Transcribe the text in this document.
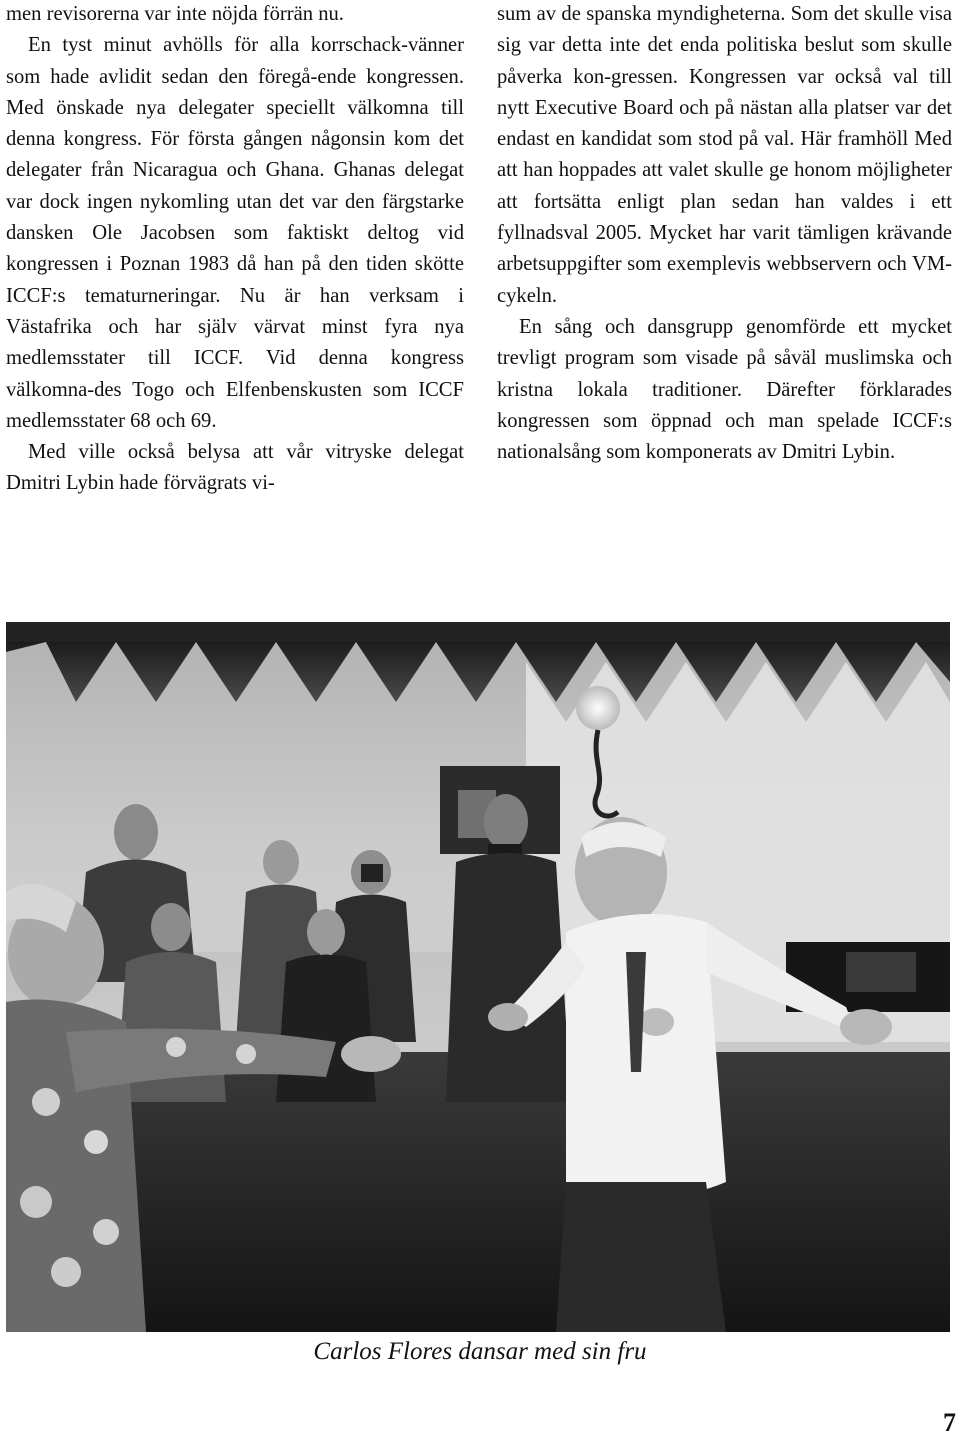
men revisorerna var inte nöjda förrän nu.

En tyst minut avhölls för alla korrschack-vänner som hade avlidit sedan den föregå-ende kongressen. Med önskade nya delegater speciellt välkomna till denna kongress. För första gången någonsin kom det delegater från Nicaragua och Ghana. Ghanas delegat var dock ingen nykomling utan det var den färgstarke dansken Ole Jacobsen som faktiskt deltog vid kongressen i Poznan 1983 då han på den tiden skötte ICCF:s tematurneringar. Nu är han verksam i Västafrika och har själv värvat minst fyra nya medlemsstater till ICCF. Vid denna kongress välkomna-des Togo och Elfenbenskusten som ICCF medlemsstater 68 och 69.

Med ville också belysa att vår vitryske delegat Dmitri Lybin hade förvägrats vi-

sum av de spanska myndigheterna. Som det skulle visa sig var detta inte det enda politiska beslut som skulle påverka kon-gressen. Kongressen var också val till nytt Executive Board och på nästan alla platser var det endast en kandidat som stod på val. Här framhöll Med att han hoppades att valet skulle ge honom möjligheter att fortsätta enligt plan sedan han valdes i ett fyllnadsval 2005. Mycket har varit tämligen krävande arbetsuppgifter som exemplevis webbservern och VM-cykeln.

En sång och dansgrupp genomförde ett mycket trevligt program som visade på såväl muslimska och kristna lokala traditioner. Därefter förklarades kongressen som öppnad och man spelade ICCF:s nationalsång som komponerats av Dmitri Lybin.

Carlos Flores dansar med sin fru
7
